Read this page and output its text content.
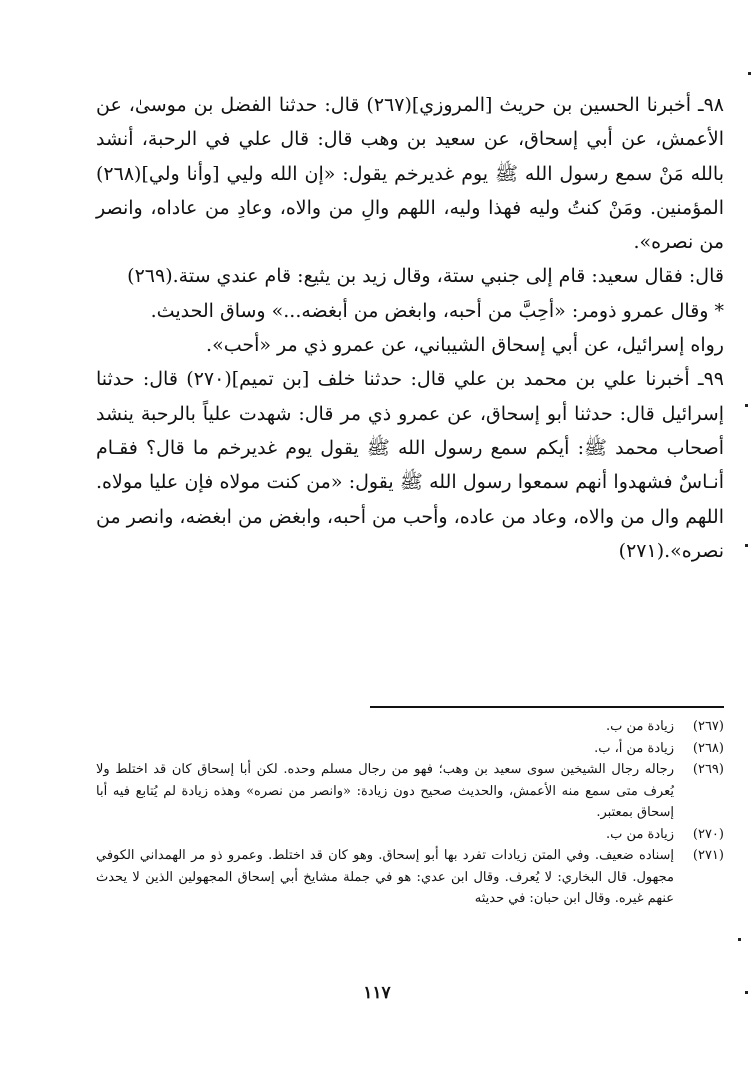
٩٨ـ أخبرنا الحسين بن حريث [المروزي](٢٦٧) قال: حدثنا الفضل بن موسىٰ، عن الأعمش، عن أبي إسحاق، عن سعيد بن وهب قال: قال علي في الرحبة، أنشد بالله مَنْ سمع رسول الله ﷺ يوم غديرخم يقول: «إن الله وليي [وأنا ولي](٢٦٨) المؤمنين. ومَنْ كنتُ وليه فهذا وليه، اللهم والِ من والاه، وعادِ من عاداه، وانصر من نصره».

قال: فقال سعيد: قام إلى جنبي ستة، وقال زيد بن يثيع: قام عندي ستة.(٢٦٩)

* وقال عمرو ذومر: «أحِبَّ من أحبه، وابغض من أبغضه...» وساق الحديث.

رواه إسرائيل، عن أبي إسحاق الشيباني، عن عمرو ذي مر «أحب».

٩٩ـ أخبرنا علي بن محمد بن علي قال: حدثنا خلف [بن تميم](٢٧٠) قال: حدثنا إسرائيل قال: حدثنا أبو إسحاق، عن عمرو ذي مر قال: شهدت علياً بالرحبة ينشد أصحاب محمد ﷺ: أيكم سمع رسول الله ﷺ يقول يوم غديرخم ما قال؟ فقـام أنـاسٌ فشهدوا أنهم سمعوا رسول الله ﷺ يقول: «من كنت مولاه فإن عليا مولاه. اللهم وال من والاه، وعاد من عاده، وأحب من أحبه، وابغض من ابغضه، وانصر من نصره».(٢٧١)

(٢٦٧)
زيادة من ب.
(٢٦٨)
زيادة من أ، ب.
(٢٦٩)
رجاله رجال الشيخين سوى سعيد بن وهب؛ فهو من رجال مسلم وحده. لكن أبا إسحاق كان قد اختلط ولا يُعرف متى سمع منه الأعمش، والحديث صحيح دون زيادة: «وانصر من نصره» وهذه زيادة لم يُتابع فيه أبا إسحاق بمعتبر.
(٢٧٠)
زيادة من ب.
(٢٧١)
إسناده ضعيف. وفي المتن زيادات تفرد بها أبو إسحاق. وهو كان قد اختلط. وعمرو ذو مر الهمداني الكوفي مجهول. قال البخاري: لا يُعرف. وقال ابن عدي: هو في جملة مشايخ أبي إسحاق المجهولين الذين لا يحدث عنهم غيره. وقال ابن حبان: في حديثه
١١٧
